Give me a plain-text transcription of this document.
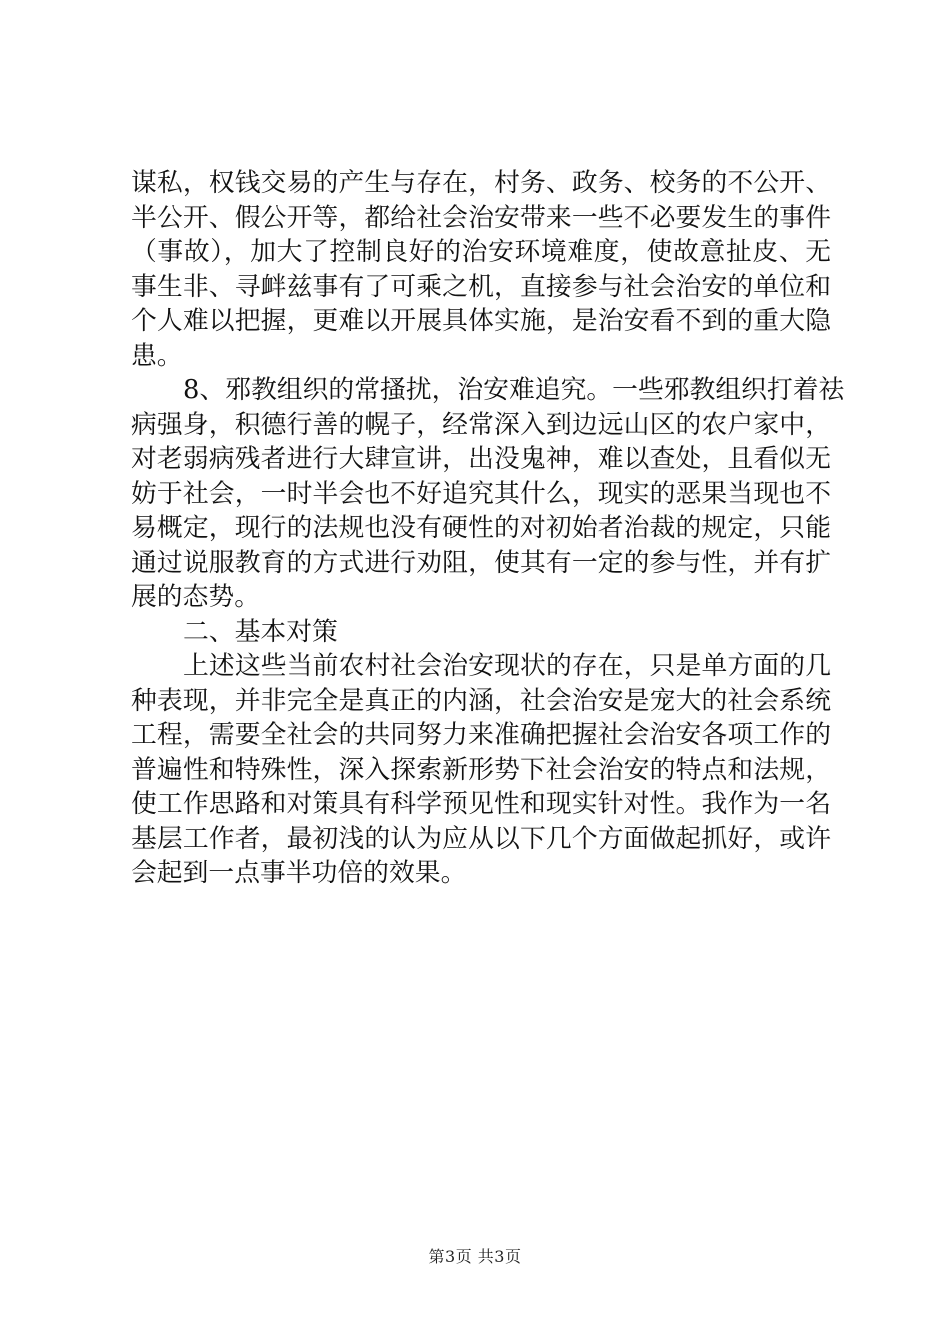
谋私，权钱交易的产生与存在，村务、政务、校务的不公开、
半公开、假公开等，都给社会治安带来一些不必要发生的事件
（事故），加大了控制良好的治安环境难度，使故意扯皮、无
事生非、寻衅兹事有了可乘之机，直接参与社会治安的单位和
个人难以把握，更难以开展具体实施，是治安看不到的重大隐
患。
8、邪教组织的常搔扰，治安难追究。一些邪教组织打着祛
病强身，积德行善的幌子，经常深入到边远山区的农户家中，
对老弱病残者进行大肆宣讲，出没鬼神，难以查处，且看似无
妨于社会，一时半会也不好追究其什么，现实的恶果当现也不
易概定，现行的法规也没有硬性的对初始者治裁的规定，只能
通过说服教育的方式进行劝阻，使其有一定的参与性，并有扩
展的态势。
二、基本对策
上述这些当前农村社会治安现状的存在，只是单方面的几
种表现，并非完全是真正的内涵，社会治安是宠大的社会系统
工程，需要全社会的共同努力来准确把握社会治安各项工作的
普遍性和特殊性，深入探索新形势下社会治安的特点和法规，
使工作思路和对策具有科学预见性和现实针对性。我作为一名
基层工作者，最初浅的认为应从以下几个方面做起抓好，或许
会起到一点事半功倍的效果。
第3页 共3页
